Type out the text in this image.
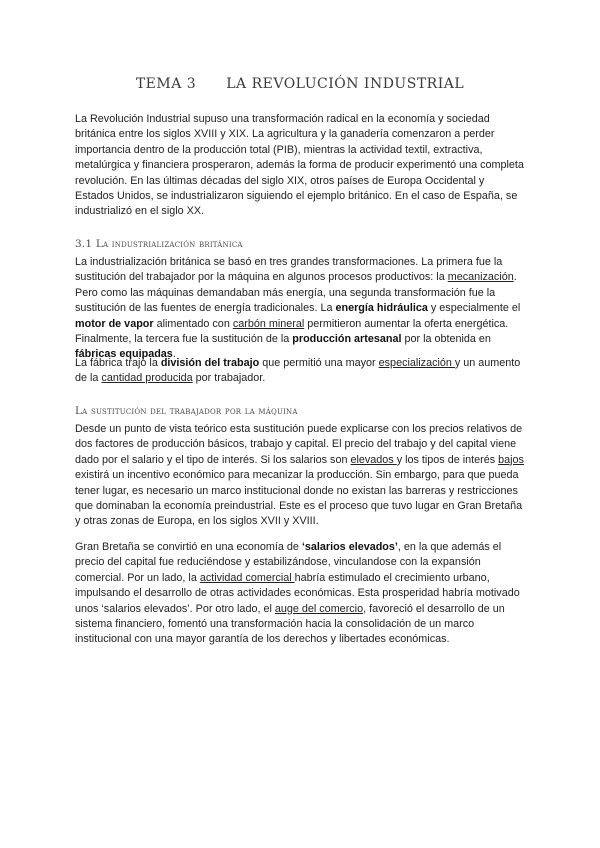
TEMA 3 LA REVOLUCIÓN INDUSTRIAL
La Revolución Industrial supuso una transformación radical en la economía y sociedad británica entre los siglos XVIII y XIX. La agricultura y la ganadería comenzaron a perder importancia dentro de la producción total (PIB), mientras la actividad textil, extractiva, metalúrgica y financiera prosperaron, además la forma de producir experimentó una completa revolución. En las últimas décadas del siglo XIX, otros países de Europa Occidental y Estados Unidos, se industrializaron siguiendo el ejemplo británico. En el caso de España, se industrializó en el siglo XX.
3.1 La industrialización británica
La industrialización británica se basó en tres grandes transformaciones. La primera fue la sustitución del trabajador por la máquina en algunos procesos productivos: la mecanización. Pero como las máquinas demandaban más energía, una segunda transformación fue la sustitución de las fuentes de energía tradicionales. La energía hidráulica y especialmente el motor de vapor alimentado con carbón mineral permitieron aumentar la oferta energética. Finalmente, la tercera fue la sustitución de la producción artesanal por la obtenida en fábricas equipadas.
La fábrica trajo la división del trabajo que permitió una mayor especialización y un aumento de la cantidad producida por trabajador.
La sustitución del trabajador por la máquina
Desde un punto de vista teórico esta sustitución puede explicarse con los precios relativos de dos factores de producción básicos, trabajo y capital. El precio del trabajo y del capital viene dado por el salario y el tipo de interés. Si los salarios son elevados y los tipos de interés bajos existirá un incentivo económico para mecanizar la producción. Sin embargo, para que pueda tener lugar, es necesario un marco institucional donde no existan las barreras y restricciones que dominaban la economía preindustrial. Este es el proceso que tuvo lugar en Gran Bretaña y otras zonas de Europa, en los siglos XVII y XVIII.
Gran Bretaña se convirtió en una economía de ‘salarios elevados’, en la que además el precio del capital fue reduciéndose y estabilizándose, vinculandose con la expansión comercial. Por un lado, la actividad comercial habría estimulado el crecimiento urbano, impulsando el desarrollo de otras actividades económicas. Esta prosperidad habría motivado unos ‘salarios elevados’. Por otro lado, el auge del comercio, favoreció el desarrollo de un sistema financiero, fomentó una transformación hacia la consolidación de un marco institucional con una mayor garantía de los derechos y libertades económicas.
